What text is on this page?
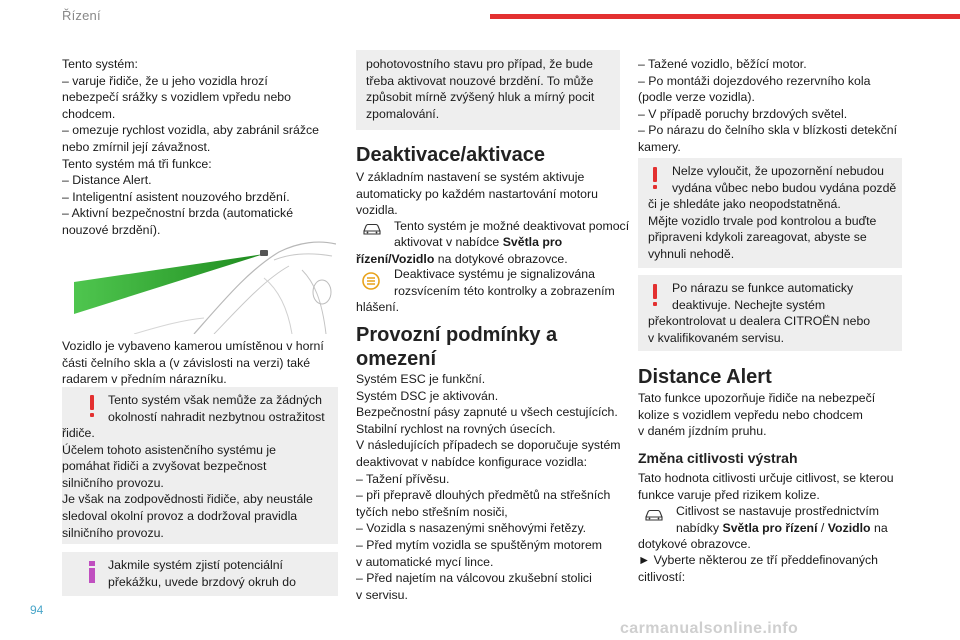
Řízení
Tento systém:
– varuje řidiče, že u jeho vozidla hrozí
nebezpečí srážky s vozidlem vpředu nebo
chodcem.
– omezuje rychlost vozidla, aby zabránil srážce
nebo zmírnil její závažnost.
Tento systém má tři funkce:
– Distance Alert.
– Inteligentní asistent nouzového brzdění.
– Aktivní bezpečnostní brzda (automatické
nouzové brzdění).
Vozidlo je vybaveno kamerou umístěnou v horní
části čelního skla a (v závislosti na verzi) také
radarem v předním nárazníku.
Tento systém však nemůže za žádných
okolností nahradit nezbytnou ostražitost
řidiče.
Účelem tohoto asistenčního systému je
pomáhat řidiči a zvyšovat bezpečnost
silničního provozu.
Je však na zodpovědnosti řidiče, aby neustále
sledoval okolní provoz a dodržoval pravidla
silničního provozu.
Jakmile systém zjistí potenciální
překážku, uvede brzdový okruh do
pohotovostního stavu pro případ, že bude
třeba aktivovat nouzové brzdění. To může
způsobit mírně zvýšený hluk a mírný pocit
zpomalování.
Deaktivace/aktivace
V základním nastavení se systém aktivuje
automaticky po každém nastartování motoru
vozidla.
Tento systém je možné deaktivovat pomocí
aktivovat v nabídce Světla pro
řízení/Vozidlo na dotykové obrazovce.
Deaktivace systému je signalizována
rozsvícením této kontrolky a zobrazením
hlášení.
Provozní podmínky a
omezení
Systém ESC je funkční.
Systém DSC je aktivován.
Bezpečnostní pásy zapnuté u všech cestujících.
Stabilní rychlost na rovných úsecích.
V následujících případech se doporučuje systém
deaktivovat v nabídce konfigurace vozidla:
– Tažení přívěsu.
– při přepravě dlouhých předmětů na střešních
tyčích nebo střešním nosiči,
– Vozidla s nasazenými sněhovými řetězy.
– Před mytím vozidla se spuštěným motorem
v automatické mycí lince.
– Před najetím na válcovou zkušební stolici
v servisu.
– Tažené vozidlo, běžící motor.
– Po montáži dojezdového rezervního kola
(podle verze vozidla).
– V případě poruchy brzdových světel.
– Po nárazu do čelního skla v blízkosti detekční
kamery.
Nelze vyloučit, že upozornění nebudou
vydána vůbec nebo budou vydána pozdě
či je shledáte jako neopodstatněná.
Mějte vozidlo trvale pod kontrolou a buďte
připraveni kdykoli zareagovat, abyste se
vyhnuli nehodě.
Po nárazu se funkce automaticky
deaktivuje. Nechejte systém
překontrolovat u dealera CITROËN nebo
v kvalifikovaném servisu.
Distance Alert
Tato funkce upozorňuje řidiče na nebezpečí
kolize s vozidlem vepředu nebo chodcem
v daném jízdním pruhu.
Změna citlivosti výstrah
Tato hodnota citlivosti určuje citlivost, se kterou
funkce varuje před rizikem kolize.
Citlivost se nastavuje prostřednictvím
nabídky Světla pro řízení / Vozidlo na
dotykové obrazovce.
► Vyberte některou ze tří předdefinovaných
citlivostí:
94
carmanualsonline.info
